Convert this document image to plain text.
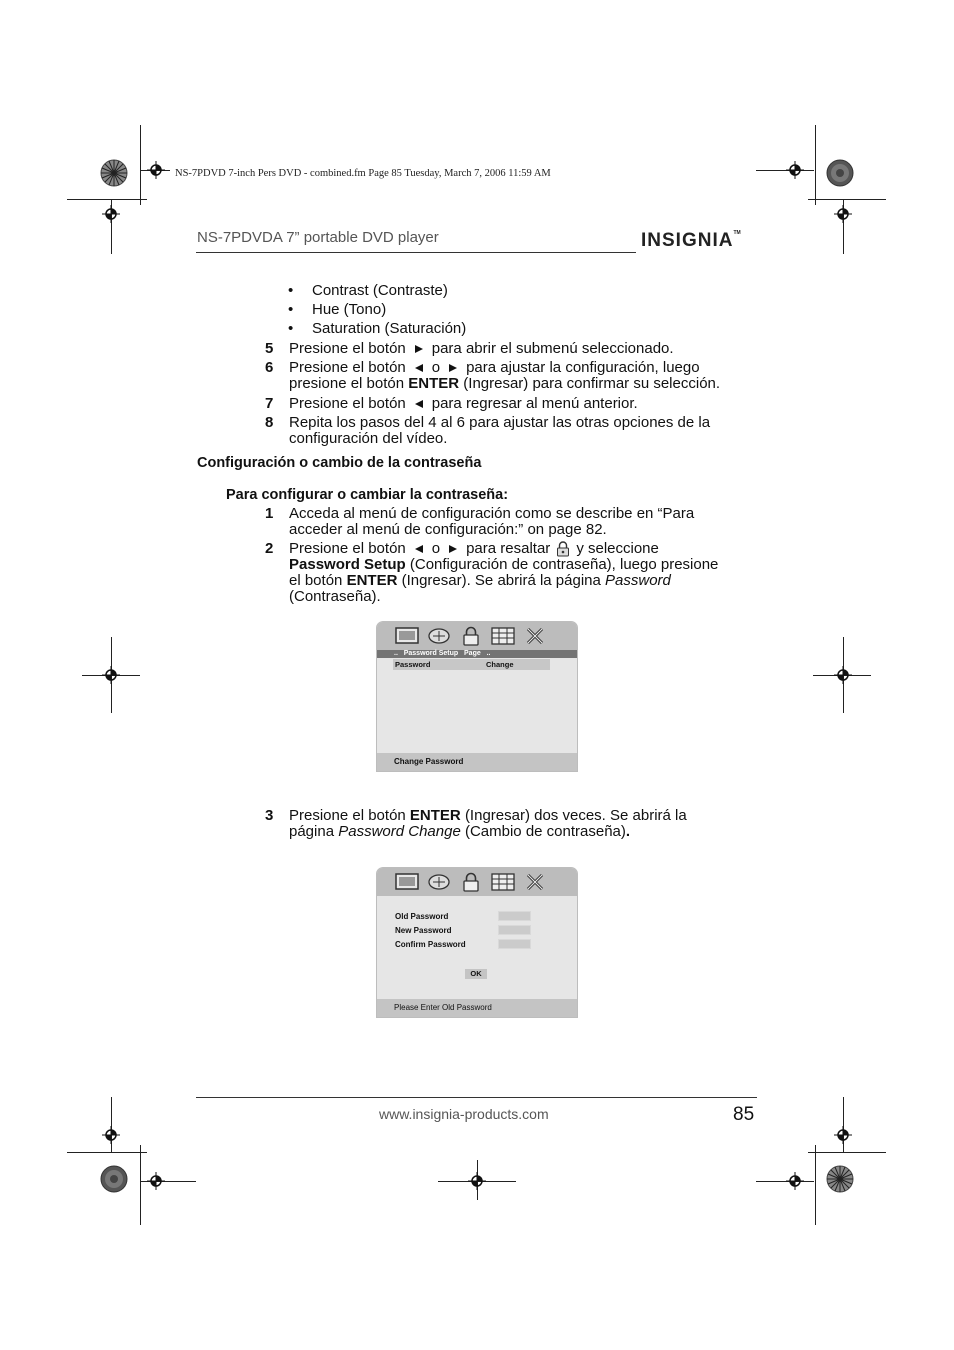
NS-7PDVD 7-inch Pers DVD - combined.fm Page 85 Tuesday, March 7, 2006 11:59 AM
NS-7PDVDA 7” portable DVD player	INSIGNIA™
• Contrast (Contraste)
• Hue (Tono)
• Saturation (Saturación)
5 Presione el botón para abrir el submenú seleccionado.
6 Presione el botón o para ajustar la configuración, luego
presione el botón ENTER (Ingresar) para confirmar su selección.
7 Presione el botón para regresar al menú anterior.
8 Repita los pasos del 4 al 6 para ajustar las otras opciones de la
configuración del vídeo.
Configuración o cambio de la contraseña
Para configurar o cambiar la contraseña:
1 Acceda al menú de configuración como se describe en “Para
acceder al menú de configuración:” on page 82.
2 Presione el botón o para resaltar y seleccione
Password Setup (Configuración de contraseña), luego presione
el botón ENTER (Ingresar). Se abrirá la página Password
(Contraseña).
..   Password Setup   Page   ..
Password	Change
Change Password
3 Presione el botón ENTER (Ingresar) dos veces. Se abrirá la
página Password Change (Cambio de contraseña).
Old Password
New Password
Confirm Password
OK
Please Enter Old Password
www.insignia-products.com	85
